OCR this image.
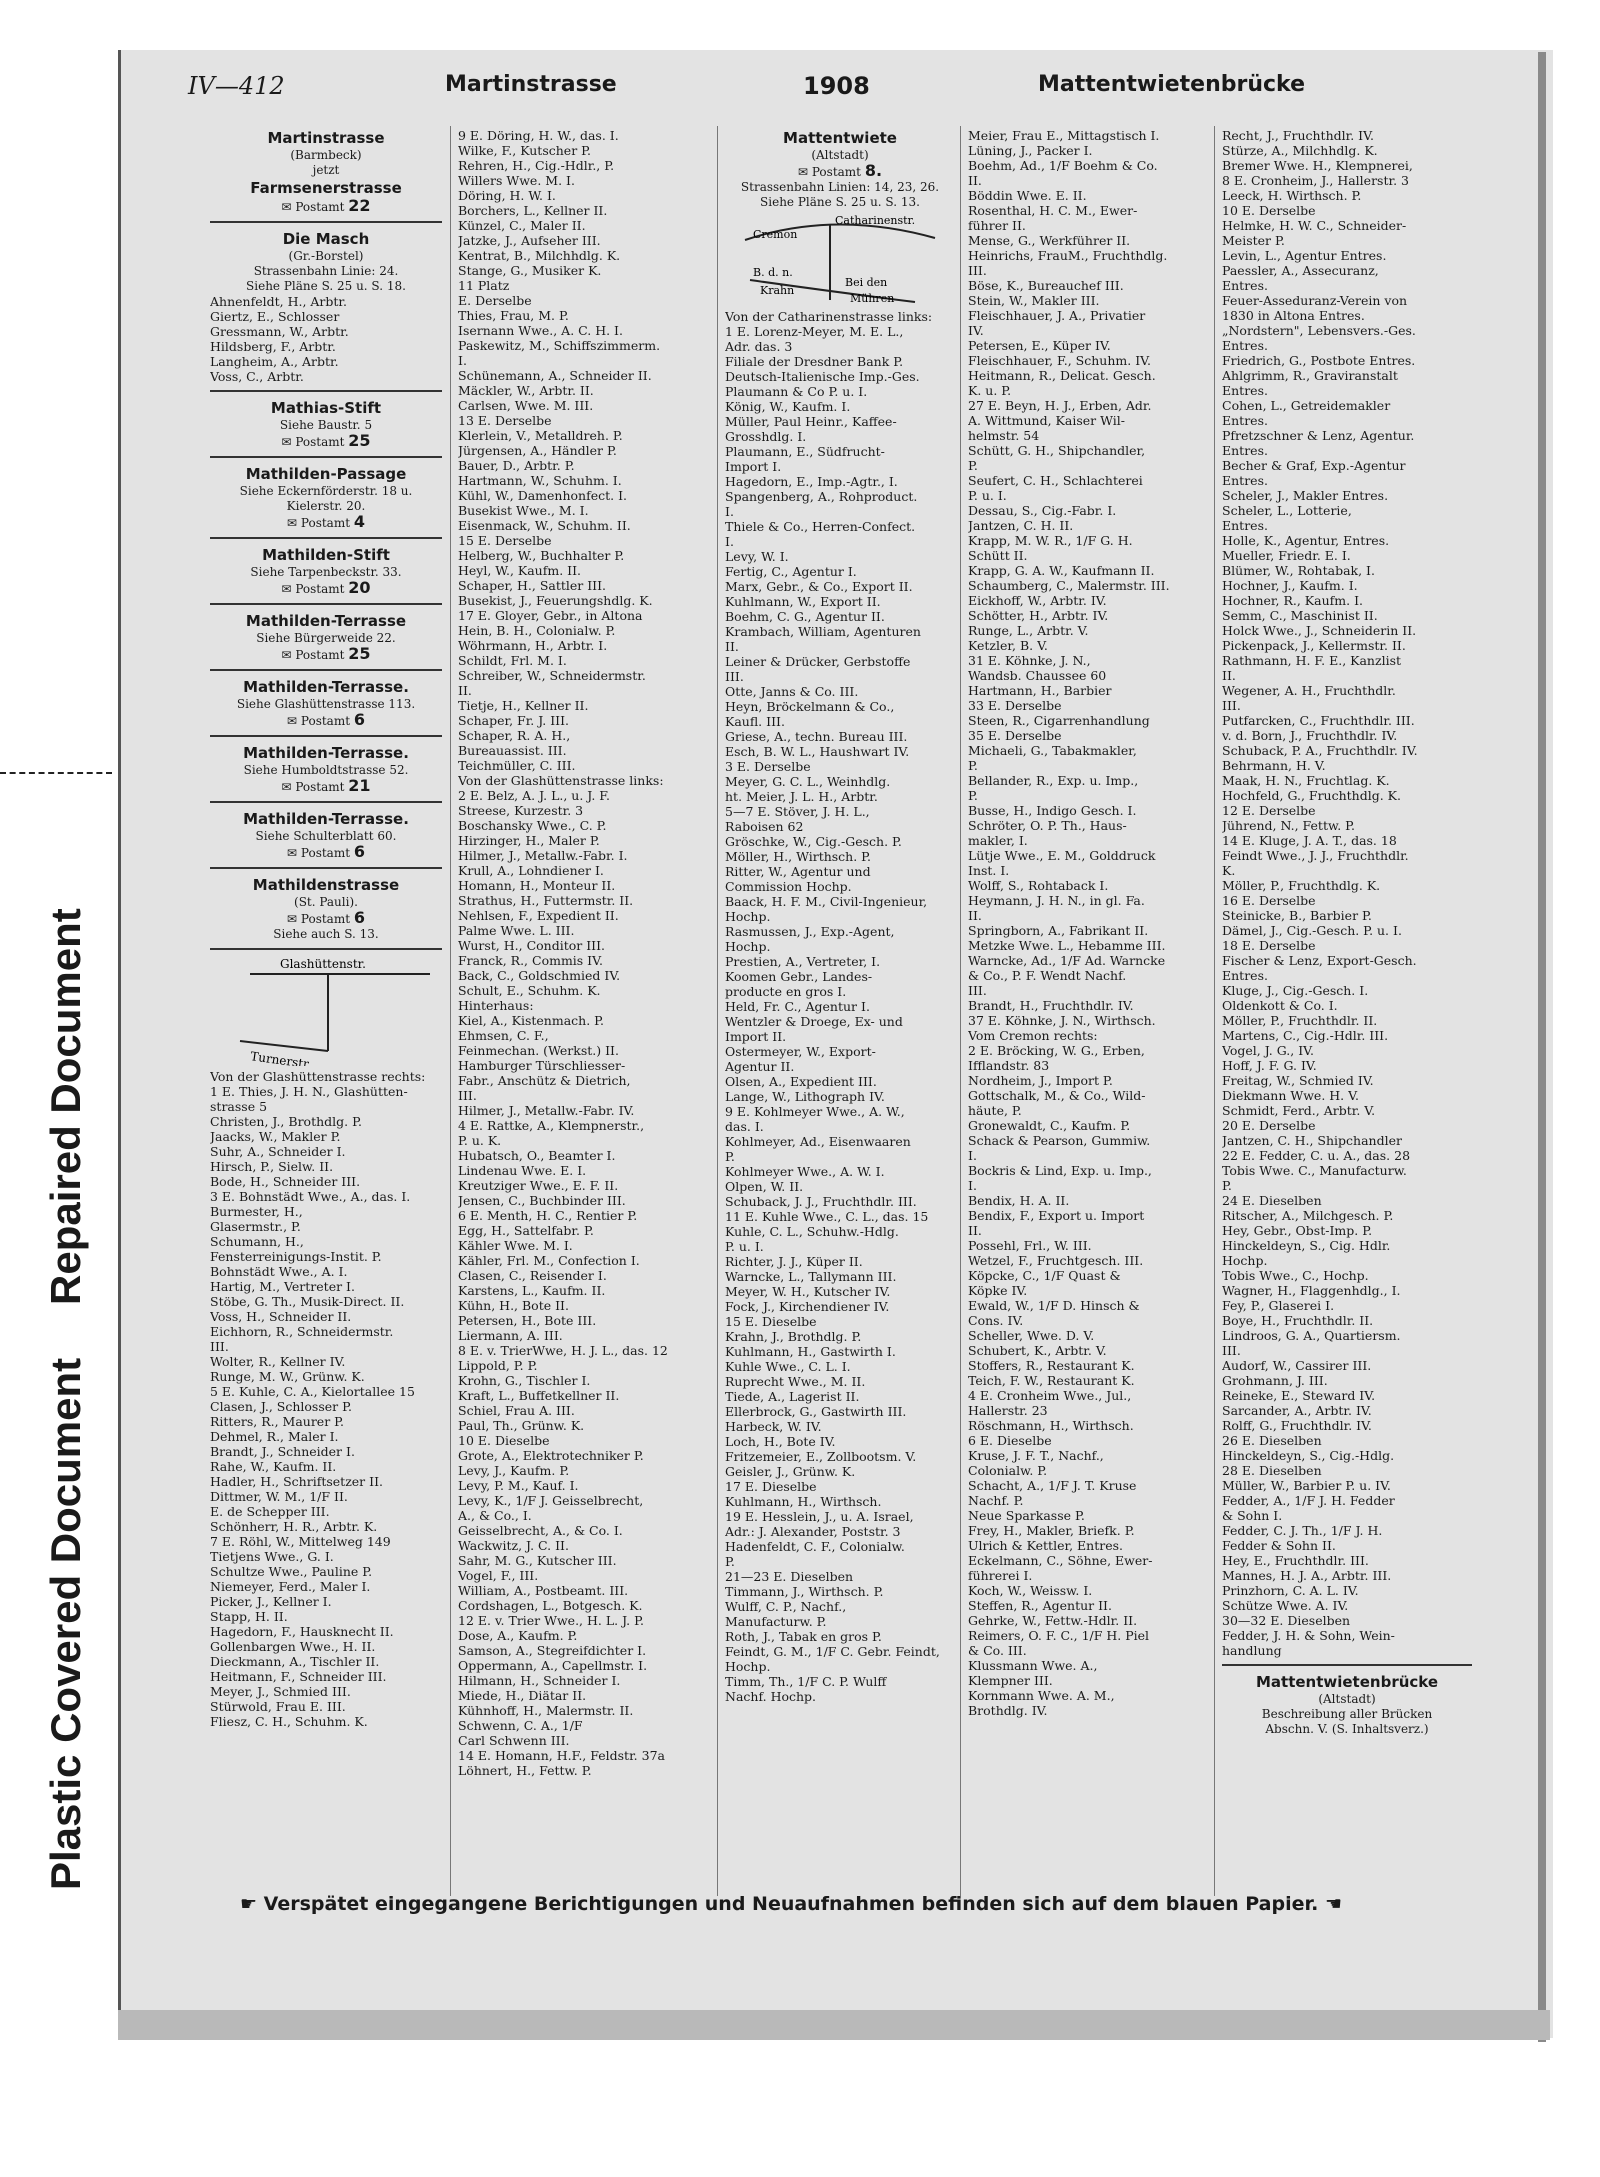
Repaired Document
Plastic Covered Document
IV—412	Martinstrasse	1908	Mattentwietenbrücke
Martinstrasse
(Barmbeck)
jetzt
Farmsenerstrasse
✉ Postamt 22
Die Masch
(Gr.-Borstel)
Strassenbahn Linie: 24.
Siehe Pläne S. 25 u. S. 18.
Ahnenfeldt, H., Arbtr.
Giertz, E., Schlosser
Gressmann, W., Arbtr.
Hildsberg, F., Arbtr.
Langheim, A., Arbtr.
Voss, C., Arbtr.
Mathias-Stift
Siehe Baustr. 5
✉ Postamt 25
Mathilden-Passage
Siehe Eckernförderstr. 18 u. Kielerstr. 20.
✉ Postamt 4
Mathilden-Stift
Siehe Tarpenbeckstr. 33.
✉ Postamt 20
Mathilden-Terrasse
Siehe Bürgerweide 22.
✉ Postamt 25
Mathilden-Terrasse.
Siehe Glashüttenstrasse 113.
✉ Postamt 6
Mathilden-Terrasse.
Siehe Humboldtstrasse 52.
✉ Postamt 21
Mathilden-Terrasse.
Siehe Schulterblatt 60.
✉ Postamt 6
Mathildenstrasse
(St. Pauli).
✉ Postamt 6
Siehe auch S. 13.
Glashüttenstr.
Turnerstr.
Von der Glashüttenstrasse rechts:
1 E. Thies, J. H. N., Glashütten-
strasse 5
Christen, J., Brothdlg. P.
Jaacks, W., Makler P.
Suhr, A., Schneider I.
Hirsch, P., Sielw. II.
Bode, H., Schneider III.
3 E. Bohnstädt Wwe., A., das. I.
Burmester, H.,
Glasermstr., P.
Schumann, H.,
Fensterreinigungs-Instit. P.
Bohnstädt Wwe., A. I.
Hartig, M., Vertreter I.
Stöbe, G. Th., Musik-Direct. II.
Voss, H., Schneider II.
Eichhorn, R., Schneidermstr.
III.
Wolter, R., Kellner IV.
Runge, M. W., Grünw. K.
5 E. Kuhle, C. A., Kielortallee 15
Clasen, J., Schlosser P.
Ritters, R., Maurer P.
Dehmel, R., Maler I.
Brandt, J., Schneider I.
Rahe, W., Kaufm. II.
Hadler, H., Schriftsetzer II.
Dittmer, W. M., 1/F II.
E. de Schepper III.
Schönherr, H. R., Arbtr. K.
7 E. Röhl, W., Mittelweg 149
Tietjens Wwe., G. I.
Schultze Wwe., Pauline P.
Niemeyer, Ferd., Maler I.
Picker, J., Kellner I.
Stapp, H. II.
Hagedorn, F., Hausknecht II.
Gollenbargen Wwe., H. II.
Dieckmann, A., Tischler II.
Heitmann, F., Schneider III.
Meyer, J., Schmied III.
Stürwold, Frau E. III.
Fliesz, C. H., Schuhm. K.
9 E. Döring, H. W., das. I.
Wilke, F., Kutscher P.
Rehren, H., Cig.-Hdlr., P.
Willers Wwe. M. I.
Döring, H. W. I.
Borchers, L., Kellner II.
Künzel, C., Maler II.
Jatzke, J., Aufseher III.
Kentrat, B., Milchhdlg. K.
Stange, G., Musiker K.
11 Platz
E. Derselbe
Thies, Frau, M. P.
Isernann Wwe., A. C. H. I.
Paskewitz, M., Schiffszimmerm.
I.
Schünemann, A., Schneider II.
Mäckler, W., Arbtr. II.
Carlsen, Wwe. M. III.
13 E. Derselbe
Klerlein, V., Metalldreh. P.
Jürgensen, A., Händler P.
Bauer, D., Arbtr. P.
Hartmann, W., Schuhm. I.
Kühl, W., Damenhonfect. I.
Busekist Wwe., M. I.
Eisenmack, W., Schuhm. II.
15 E. Derselbe
Helberg, W., Buchhalter P.
Heyl, W., Kaufm. II.
Schaper, H., Sattler III.
Busekist, J., Feuerungshdlg. K.
17 E. Gloyer, Gebr., in Altona
Hein, B. H., Colonialw. P.
Wöhrmann, H., Arbtr. I.
Schildt, Frl. M. I.
Schreiber, W., Schneidermstr.
II.
Tietje, H., Kellner II.
Schaper, Fr. J. III.
Schaper, R. A. H.,
Bureauassist. III.
Teichmüller, C. III.
Von der Glashüttenstrasse links:
2 E. Belz, A. J. L., u. J. F.
Streese, Kurzestr. 3
Boschansky Wwe., C. P.
Hirzinger, H., Maler P.
Hilmer, J., Metallw.-Fabr. I.
Krull, A., Lohndiener I.
Homann, H., Monteur II.
Strathus, H., Futtermstr. II.
Nehlsen, F., Expedient II.
Palme Wwe. L. III.
Wurst, H., Conditor III.
Franck, R., Commis IV.
Back, C., Goldschmied IV.
Schult, E., Schuhm. K.
Hinterhaus:
Kiel, A., Kistenmach. P.
Ehmsen, C. F.,
Feinmechan. (Werkst.) II.
Hamburger Türschliesser-
Fabr., Anschütz & Dietrich,
III.
Hilmer, J., Metallw.-Fabr. IV.
4 E. Rattke, A., Klempnerstr.,
P. u. K.
Hubatsch, O., Beamter I.
Lindenau Wwe. E. I.
Kreutziger Wwe., E. F. II.
Jensen, C., Buchbinder III.
6 E. Menth, H. C., Rentier P.
Egg, H., Sattelfabr. P.
Kähler Wwe. M. I.
Kähler, Frl. M., Confection I.
Clasen, C., Reisender I.
Karstens, L., Kaufm. II.
Kühn, H., Bote II.
Petersen, H., Bote III.
Liermann, A. III.
8 E. v. TrierWwe, H. J. L., das. 12
Lippold, P. P.
Krohn, G., Tischler I.
Kraft, L., Buffetkellner II.
Schiel, Frau A. III.
Paul, Th., Grünw. K.
10 E. Dieselbe
Grote, A., Elektrotechniker P.
Levy, J., Kaufm. P.
Levy, P. M., Kauf. I.
Levy, K., 1/F J. Geisselbrecht,
A., & Co., I.
Geisselbrecht, A., & Co. I.
Wackwitz, J. C. II.
Sahr, M. G., Kutscher III.
Vogel, F., III.
William, A., Postbeamt. III.
Cordshagen, L., Botgesch. K.
12 E. v. Trier Wwe., H. L. J. P.
Dose, A., Kaufm. P.
Samson, A., Stegreifdichter I.
Oppermann, A., Capellmstr. I.
Hilmann, H., Schneider I.
Miede, H., Diätar II.
Kühnhoff, H., Malermstr. II.
Schwenn, C. A., 1/F
Carl Schwenn III.
14 E. Homann, H.F., Feldstr. 37a
Löhnert, H., Fettw. P.
Mattentwiete
(Altstadt)
✉ Postamt 8.
Strassenbahn Linien: 14, 23, 26.
Siehe Pläne S. 25 u. S. 13.
Cremon
Catharinenstr.
B. d. n.
Krahn
Bei den
Mühren
Von der Catharinenstrasse links:
1 E. Lorenz-Meyer, M. E. L.,
Adr. das. 3
Filiale der Dresdner Bank P.
Deutsch-Italienische Imp.-Ges.
Plaumann & Co P. u. I.
König, W., Kaufm. I.
Müller, Paul Heinr., Kaffee-
Grosshdlg. I.
Plaumann, E., Südfrucht-
Import I.
Hagedorn, E., Imp.-Agtr., I.
Spangenberg, A., Rohproduct.
I.
Thiele & Co., Herren-Confect.
I.
Levy, W. I.
Fertig, C., Agentur I.
Marx, Gebr., & Co., Export II.
Kuhlmann, W., Export II.
Boehm, C. G., Agentur II.
Krambach, William, Agenturen
II.
Leiner & Drücker, Gerbstoffe
III.
Otte, Janns & Co. III.
Heyn, Bröckelmann & Co.,
Kaufl. III.
Griese, A., techn. Bureau III.
Esch, B. W. L., Haushwart IV.
3 E. Derselbe
Meyer, G. C. L., Weinhdlg.
ht. Meier, J. L. H., Arbtr.
5—7 E. Stöver, J. H. L.,
Raboisen 62
Gröschke, W., Cig.-Gesch. P.
Möller, H., Wirthsch. P.
Ritter, W., Agentur und
Commission Hochp.
Baack, H. F. M., Civil-Ingenieur,
Hochp.
Rasmussen, J., Exp.-Agent,
Hochp.
Prestien, A., Vertreter, I.
Koomen Gebr., Landes-
producte en gros I.
Held, Fr. C., Agentur I.
Wentzler & Droege, Ex- und
Import II.
Ostermeyer, W., Export-
Agentur II.
Olsen, A., Expedient III.
Lange, W., Lithograph IV.
9 E. Kohlmeyer Wwe., A. W.,
das. I.
Kohlmeyer, Ad., Eisenwaaren
P.
Kohlmeyer Wwe., A. W. I.
Olpen, W. II.
Schuback, J. J., Fruchthdlr. III.
11 E. Kuhle Wwe., C. L., das. 15
Kuhle, C. L., Schuhw.-Hdlg.
P. u. I.
Richter, J. J., Küper II.
Warncke, L., Tallymann III.
Meyer, W. H., Kutscher IV.
Fock, J., Kirchendiener IV.
15 E. Dieselbe
Krahn, J., Brothdlg. P.
Kuhlmann, H., Gastwirth I.
Kuhle Wwe., C. L. I.
Ruprecht Wwe., M. II.
Tiede, A., Lagerist II.
Ellerbrock, G., Gastwirth III.
Harbeck, W. IV.
Loch, H., Bote IV.
Fritzemeier, E., Zollbootsm. V.
Geisler, J., Grünw. K.
17 E. Dieselbe
Kuhlmann, H., Wirthsch.
19 E. Hesslein, J., u. A. Israel,
Adr.: J. Alexander, Poststr. 3
Hadenfeldt, C. F., Colonialw.
P.
21—23 E. Dieselben
Timmann, J., Wirthsch. P.
Wulff, C. P., Nachf.,
Manufacturw. P.
Roth, J., Tabak en gros P.
Feindt, G. M., 1/F C. Gebr. Feindt,
Hochp.
Timm, Th., 1/F C. P. Wulff
Nachf. Hochp.
Meier, Frau E., Mittagstisch I.
Lüning, J., Packer I.
Boehm, Ad., 1/F Boehm & Co.
II.
Böddin Wwe. E. II.
Rosenthal, H. C. M., Ewer-
führer II.
Mense, G., Werkführer II.
Heinrichs, FrauM., Fruchthdlg.
III.
Böse, K., Bureauchef III.
Stein, W., Makler III.
Fleischhauer, J. A., Privatier
IV.
Petersen, E., Küper IV.
Fleischhauer, F., Schuhm. IV.
Heitmann, R., Delicat. Gesch.
K. u. P.
27 E. Beyn, H. J., Erben, Adr.
A. Wittmund, Kaiser Wil-
helmstr. 54
Schütt, G. H., Shipchandler,
P.
Seufert, C. H., Schlachterei
P. u. I.
Dessau, S., Cig.-Fabr. I.
Jantzen, C. H. II.
Krapp, M. W. R., 1/F G. H.
Schütt II.
Krapp, G. A. W., Kaufmann II.
Schaumberg, C., Malermstr. III.
Eickhoff, W., Arbtr. IV.
Schötter, H., Arbtr. IV.
Runge, L., Arbtr. V.
Ketzler, B. V.
31 E. Köhnke, J. N.,
Wandsb. Chaussee 60
Hartmann, H., Barbier
33 E. Derselbe
Steen, R., Cigarrenhandlung
35 E. Derselbe
Michaeli, G., Tabakmakler,
P.
Bellander, R., Exp. u. Imp.,
P.
Busse, H., Indigo Gesch. I.
Schröter, O. P. Th., Haus-
makler, I.
Lütje Wwe., E. M., Golddruck
Inst. I.
Wolff, S., Rohtaback I.
Heymann, J. H. N., in gl. Fa.
II.
Springborn, A., Fabrikant II.
Metzke Wwe. L., Hebamme III.
Warncke, Ad., 1/F Ad. Warncke
& Co., P. F. Wendt Nachf.
III.
Brandt, H., Fruchthdlr. IV.
37 E. Köhnke, J. N., Wirthsch.
Vom Cremon rechts:
2 E. Bröcking, W. G., Erben,
Ifflandstr. 83
Nordheim, J., Import P.
Gottschalk, M., & Co., Wild-
häute, P.
Gronewaldt, C., Kaufm. P.
Schack & Pearson, Gummiw.
I.
Bockris & Lind, Exp. u. Imp.,
I.
Bendix, H. A. II.
Bendix, F., Export u. Import
II.
Possehl, Frl., W. III.
Wetzel, F., Fruchtgesch. III.
Köpcke, C., 1/F Quast &
Köpke IV.
Ewald, W., 1/F D. Hinsch &
Cons. IV.
Scheller, Wwe. D. V.
Schubert, K., Arbtr. V.
Stoffers, R., Restaurant K.
Teich, F. W., Restaurant K.
4 E. Cronheim Wwe., Jul.,
Hallerstr. 23
Röschmann, H., Wirthsch.
6 E. Dieselbe
Kruse, J. F. T., Nachf.,
Colonialw. P.
Schacht, A., 1/F J. T. Kruse
Nachf. P.
Neue Sparkasse P.
Frey, H., Makler, Briefk. P.
Ulrich & Kettler, Entres.
Eckelmann, C., Söhne, Ewer-
führerei I.
Koch, W., Weissw. I.
Steffen, R., Agentur II.
Gehrke, W., Fettw.-Hdlr. II.
Reimers, O. F. C., 1/F H. Piel
& Co. III.
Klussmann Wwe. A.,
Klempner III.
Kornmann Wwe. A. M.,
Brothdlg. IV.
Recht, J., Fruchthdlr. IV.
Stürze, A., Milchhdlg. K.
Bremer Wwe. H., Klempnerei,
8 E. Cronheim, J., Hallerstr. 3
Leeck, H. Wirthsch. P.
10 E. Derselbe
Helmke, H. W. C., Schneider-
Meister P.
Levin, L., Agentur Entres.
Paessler, A., Assecuranz,
Entres.
Feuer-Asseduranz-Verein von
1830 in Altona Entres.
„Nordstern", Lebensvers.-Ges.
Entres.
Friedrich, G., Postbote Entres.
Ahlgrimm, R., Graviranstalt
Entres.
Cohen, L., Getreidemakler
Entres.
Pfretzschner & Lenz, Agentur.
Entres.
Becher & Graf, Exp.-Agentur
Entres.
Scheler, J., Makler Entres.
Scheler, L., Lotterie,
Entres.
Holle, K., Agentur, Entres.
Mueller, Friedr. E. I.
Blümer, W., Rohtabak, I.
Hochner, J., Kaufm. I.
Hochner, R., Kaufm. I.
Semm, C., Maschinist II.
Holck Wwe., J., Schneiderin II.
Pickenpack, J., Kellermstr. II.
Rathmann, H. F. E., Kanzlist
II.
Wegener, A. H., Fruchthdlr.
III.
Putfarcken, C., Fruchthdlr. III.
v. d. Born, J., Fruchthdlr. IV.
Schuback, P. A., Fruchthdlr. IV.
Behrmann, H. V.
Maak, H. N., Fruchtlag. K.
Hochfeld, G., Fruchthdlg. K.
12 E. Derselbe
Jührend, N., Fettw. P.
14 E. Kluge, J. A. T., das. 18
Feindt Wwe., J. J., Fruchthdlr.
K.
Möller, P., Fruchthdlg. K.
16 E. Derselbe
Steinicke, B., Barbier P.
Dämel, J., Cig.-Gesch. P. u. I.
18 E. Derselbe
Fischer & Lenz, Export-Gesch.
Entres.
Kluge, J., Cig.-Gesch. I.
Oldenkott & Co. I.
Möller, P., Fruchthdlr. II.
Martens, C., Cig.-Hdlr. III.
Vogel, J. G., IV.
Hoff, J. F. G. IV.
Freitag, W., Schmied IV.
Diekmann Wwe. H. V.
Schmidt, Ferd., Arbtr. V.
20 E. Derselbe
Jantzen, C. H., Shipchandler
22 E. Fedder, C. u. A., das. 28
Tobis Wwe. C., Manufacturw.
P.
24 E. Dieselben
Ritscher, A., Milchgesch. P.
Hey, Gebr., Obst-Imp. P.
Hinckeldeyn, S., Cig. Hdlr.
Hochp.
Tobis Wwe., C., Hochp.
Wagner, H., Flaggenhdlg., I.
Fey, P., Glaserei I.
Boye, H., Fruchthdlr. II.
Lindroos, G. A., Quartiersm.
III.
Audorf, W., Cassirer III.
Grohmann, J. III.
Reineke, E., Steward IV.
Sarcander, A., Arbtr. IV.
Rolff, G., Fruchthdlr. IV.
26 E. Dieselben
Hinckeldeyn, S., Cig.-Hdlg.
28 E. Dieselben
Müller, W., Barbier P. u. IV.
Fedder, A., 1/F J. H. Fedder
& Sohn I.
Fedder, C. J. Th., 1/F J. H.
Fedder & Sohn II.
Hey, E., Fruchthdlr. III.
Mannes, H. J. A., Arbtr. III.
Prinzhorn, C. A. L. IV.
Schütze Wwe. A. IV.
30—32 E. Dieselben
Fedder, J. H. & Sohn, Wein-
handlung
Mattentwietenbrücke
(Altstadt)
Beschreibung aller Brücken
Abschn. V. (S. Inhaltsverz.)
☛ Verspätet eingegangene Berichtigungen und Neuaufnahmen befinden sich auf dem blauen Papier. ☚
